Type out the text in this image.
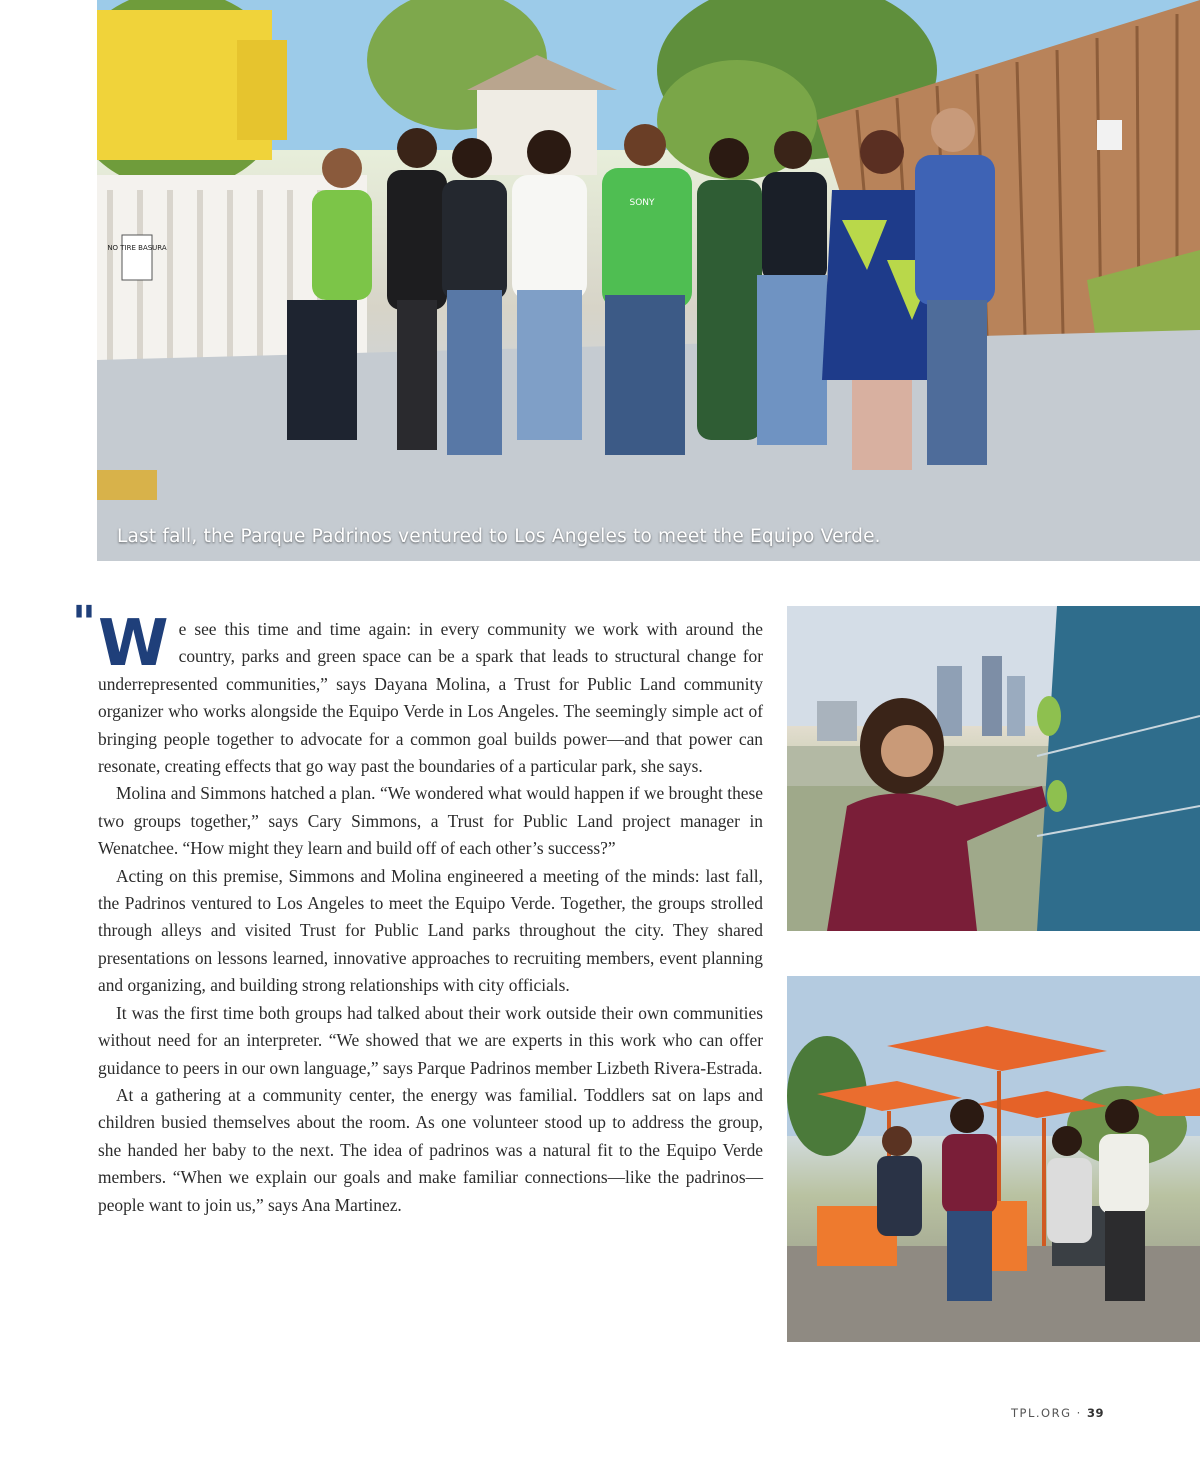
NO TIRE BASURA
SONY
Last fall, the Parque Padrinos ventured to Los Angeles to meet the Equipo Verde.
" We see this time and time again: in every community we work with around the country, parks and green space can be a spark that leads to structural change for underrepresented communities,” says Dayana Molina, a Trust for Public Land community organizer who works alongside the Equipo Verde in Los Angeles. The seemingly simple act of bringing people together to advocate for a common goal builds power—and that power can resonate, creating effects that go way past the boundaries of a particular park, she says.

Molina and Simmons hatched a plan. “We wondered what would happen if we brought these two groups together,” says Cary Simmons, a Trust for Public Land project manager in Wenatchee. “How might they learn and build off of each other’s success?”

Acting on this premise, Simmons and Molina engineered a meeting of the minds: last fall, the Padrinos ventured to Los Angeles to meet the Equipo Verde. Together, the groups strolled through alleys and visited Trust for Public Land parks throughout the city. They shared presentations on lessons learned, innovative approaches to recruiting members, event planning and organizing, and building strong relationships with city officials.

It was the first time both groups had talked about their work outside their own communities without need for an interpreter. “We showed that we are experts in this work who can offer guidance to peers in our own language,” says Parque Padrinos member Lizbeth Rivera-Estrada.

At a gathering at a community center, the energy was familial. Toddlers sat on laps and children busied themselves about the room. As one volunteer stood up to address the group, she handed her baby to the next. The idea of padrinos was a natural fit to the Equipo Verde members. “When we explain our goals and make familiar connections—like the padrinos—people want to join us,” says Ana Martinez.

TPL.ORG · 39
